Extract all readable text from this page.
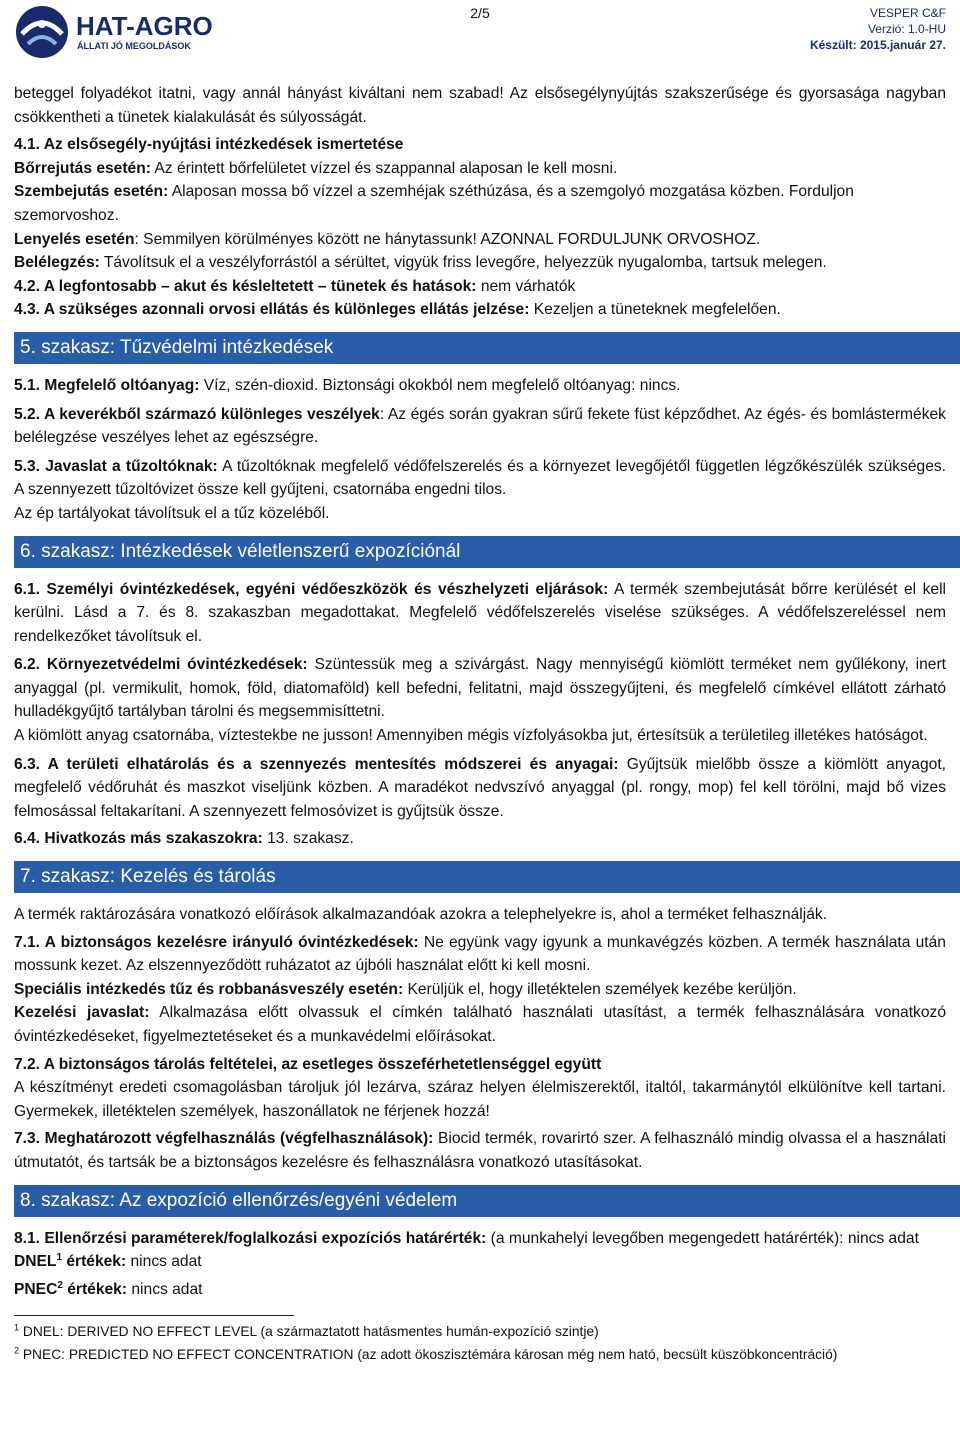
HAT-AGRO
ÁLLATI JÓ MEGOLDÁSOK
2/5	VESPER C&F
Verzió: 1.0-HU
Készült: 2015.január 27.

beteggel folyadékot itatni, vagy annál hányást kiváltani nem szabad! Az elsősegélynyújtás szakszerűsége és gyorsasága nagyban csökkentheti a tünetek kialakulását és súlyosságát.

4.1. Az elsősegély-nyújtási intézkedések ismertetése

Bőrrejutás esetén: Az érintett bőrfelületet vízzel és szappannal alaposan le kell mosni.

Szembejutás esetén: Alaposan mossa bő vízzel a szemhéjak széthúzása, és a szemgolyó mozgatása közben. Forduljon szemorvoshoz.

Lenyelés esetén: Semmilyen körülményes között ne hánytassunk! AZONNAL FORDULJUNK ORVOSHOZ.

Belélegzés: Távolítsuk el a veszélyforrástól a sérültet, vigyük friss levegőre, helyezzük nyugalomba, tartsuk melegen.

4.2. A legfontosabb – akut és késleltetett – tünetek és hatások: nem várhatók

4.3. A szükséges azonnali orvosi ellátás és különleges ellátás jelzése: Kezeljen a tüneteknek megfelelően.

5. szakasz: Tűzvédelmi intézkedések

5.1. Megfelelő oltóanyag: Víz, szén-dioxid. Biztonsági okokból nem megfelelő oltóanyag: nincs.

5.2. A keverékből származó különleges veszélyek: Az égés során gyakran sűrű fekete füst képződhet. Az égés- és bomlástermékek belélegzése veszélyes lehet az egészségre.

5.3. Javaslat a tűzoltóknak: A tűzoltóknak megfelelő védőfelszerelés és a környezet levegőjétől független légzőkészülék szükséges. A szennyezett tűzoltóvizet össze kell gyűjteni, csatornába engedni tilos.

Az ép tartályokat távolítsuk el a tűz közeléből.

6. szakasz: Intézkedések véletlenszerű expozíciónál

6.1. Személyi óvintézkedések, egyéni védőeszközök és vészhelyzeti eljárások: A termék szembejutását bőrre kerülését el kell kerülni. Lásd a 7. és 8. szakaszban megadottakat. Megfelelő védőfelszerelés viselése szükséges. A védőfelszereléssel nem rendelkezőket távolítsuk el.

6.2. Környezetvédelmi óvintézkedések: Szüntessük meg a szivárgást. Nagy mennyiségű kiömlött terméket nem gyűlékony, inert anyaggal (pl. vermikulit, homok, föld, diatomaföld) kell befedni, felitatni, majd összegyűjteni, és megfelelő címkével ellátott zárható hulladékgyűjtő tartályban tárolni és megsemmisíttetni.

A kiömlött anyag csatornába, víztestekbe ne jusson! Amennyiben mégis vízfolyásokba jut, értesítsük a területileg illetékes hatóságot.

6.3. A területi elhatárolás és a szennyezés mentesítés módszerei és anyagai: Gyűjtsük mielőbb össze a kiömlött anyagot, megfelelő védőruhát és maszkot viseljünk közben. A maradékot nedvszívó anyaggal (pl. rongy, mop) fel kell törölni, majd bő vizes felmosással feltakarítani. A szennyezett felmosóvizet is gyűjtsük össze.

6.4. Hivatkozás más szakaszokra: 13. szakasz.

7. szakasz: Kezelés és tárolás

A termék raktározására vonatkozó előírások alkalmazandóak azokra a telephelyekre is, ahol a terméket felhasználják.

7.1. A biztonságos kezelésre irányuló óvintézkedések: Ne együnk vagy igyunk a munkavégzés közben. A termék használata után mossunk kezet. Az elszennyeződött ruházatot az újbóli használat előtt ki kell mosni.

Speciális intézkedés tűz és robbanásveszély esetén: Kerüljük el, hogy illetéktelen személyek kezébe kerüljön.

Kezelési javaslat: Alkalmazása előtt olvassuk el címkén található használati utasítást, a termék felhasználására vonatkozó óvintézkedéseket, figyelmeztetéseket és a munkavédelmi előírásokat.

7.2. A biztonságos tárolás feltételei, az esetleges összeférhetetlenséggel együtt

A készítményt eredeti csomagolásban tároljuk jól lezárva, száraz helyen élelmiszerektől, italtól, takarmánytól elkülönítve kell tartani. Gyermekek, illetéktelen személyek, haszonállatok ne férjenek hozzá!

7.3. Meghatározott végfelhasználás (végfelhasználások): Biocid termék, rovarirtó szer. A felhasználó mindig olvassa el a használati útmutatót, és tartsák be a biztonságos kezelésre és felhasználásra vonatkozó utasításokat.

8. szakasz: Az expozíció ellenőrzés/egyéni védelem

8.1. Ellenőrzési paraméterek/foglalkozási expozíciós határérték: (a munkahelyi levegőben megengedett határérték): nincs adat

DNEL$^1$ értékek: nincs adat

PNEC$^2$ értékek: nincs adat

$^1$ DNEL: DERIVED NO EFFECT LEVEL (a származtatott hatásmentes humán-expozíció szintje)

$^2$ PNEC: PREDICTED NO EFFECT CONCENTRATION (az adott ökoszisztémára károsan még nem ható, becsült küszöbkoncentráció)
